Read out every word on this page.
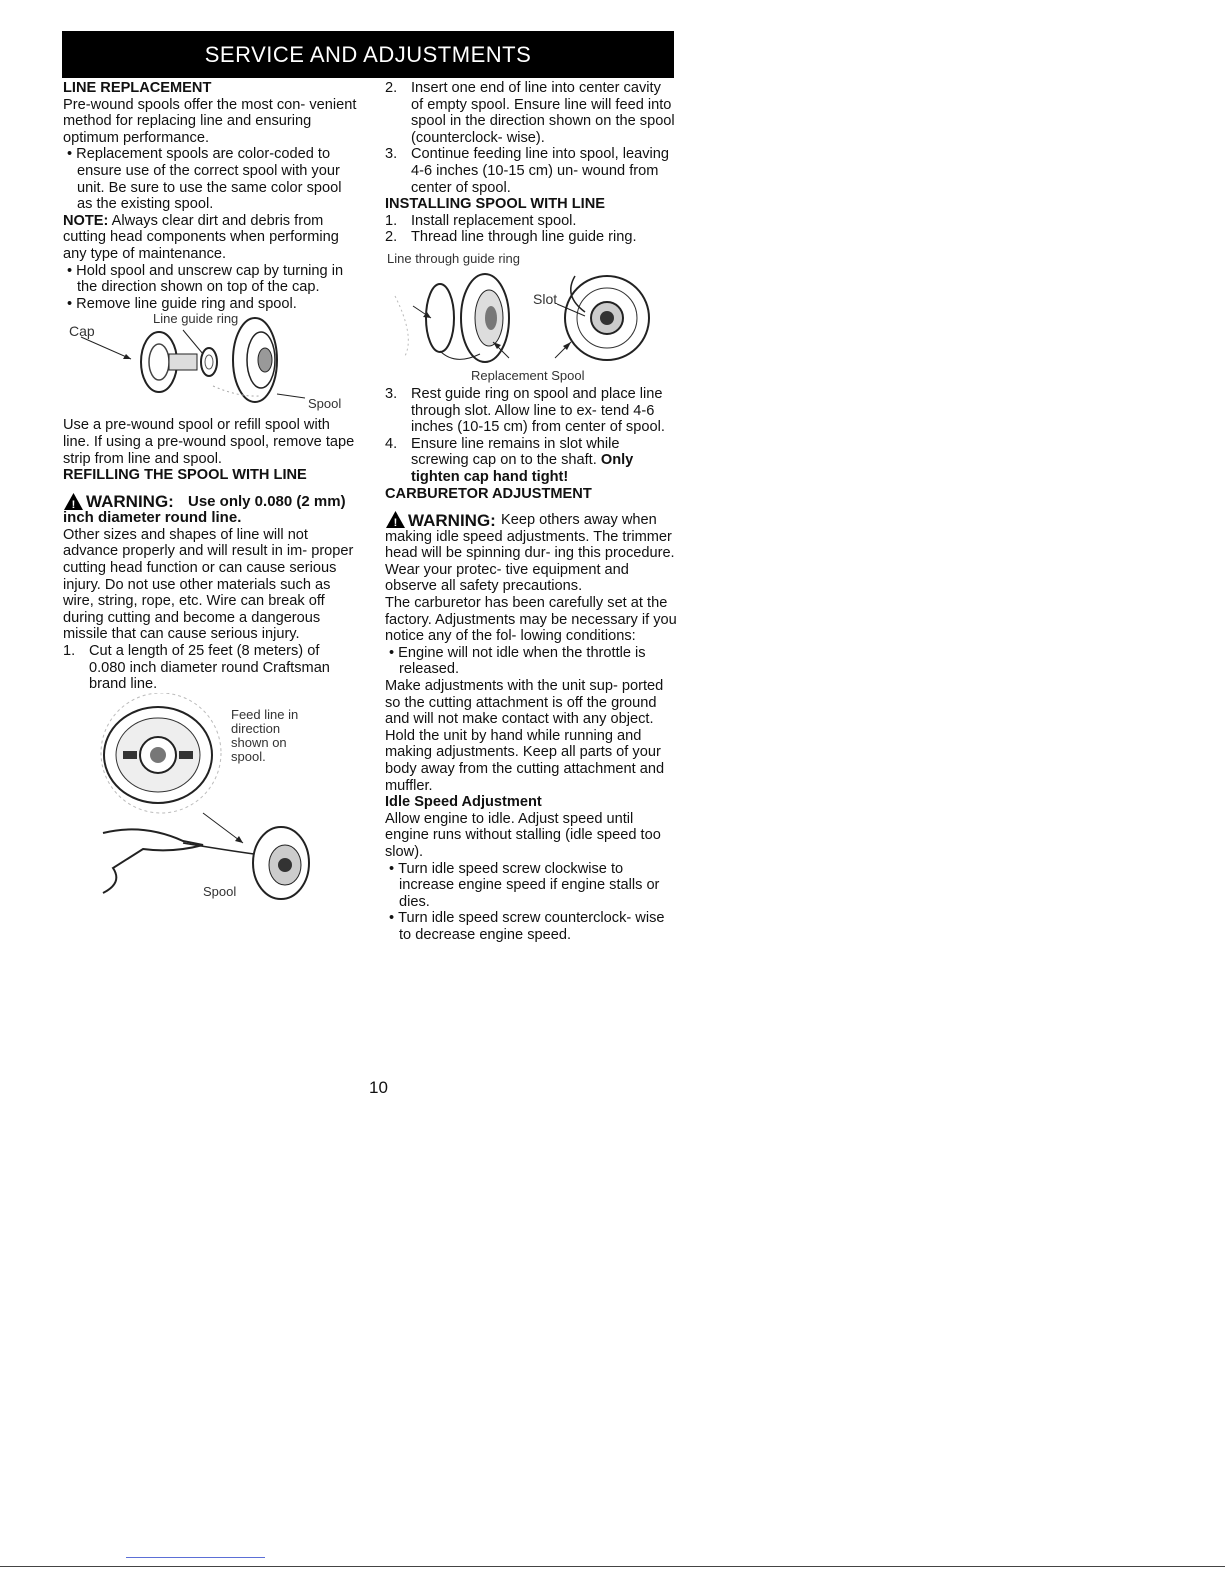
SERVICE AND ADJUSTMENTS

LINE REPLACEMENT

Pre-wound spools offer the most con- venient method for replacing line and ensuring optimum performance.

• Replacement spools are color-coded to ensure use of the correct spool with your unit. Be sure to use the same color spool as the existing spool.

NOTE: Always clear dirt and debris from cutting head components when performing any type of maintenance.

• Hold spool and unscrew cap by turning in the direction shown on top of the cap.

• Remove line guide ring and spool.

Line guide ring
Cap
Spool

Use a pre-wound spool or refill spool with line. If using a pre-wound spool, remove tape strip from line and spool.

REFILLING THE SPOOL WITH LINE

! WARNING: Use only 0.080 (2 mm) inch diameter round line.

Other sizes and shapes of line will not advance properly and will result in im- proper cutting head function or can cause serious injury. Do not use other materials such as wire, string, rope, etc. Wire can break off during cutting and become a dangerous missile that can cause serious injury.

1. Cut a length of 25 feet (8 meters) of 0.080 inch diameter round Craftsman brand line.

Feed line in direction shown on spool.
Spool

2. Insert one end of line into center cavity of empty spool. Ensure line will feed into spool in the direction shown on the spool (counterclock- wise).

3. Continue feeding line into spool, leaving 4-6 inches (10-15 cm) un- wound from center of spool.

INSTALLING SPOOL WITH LINE

1. Install replacement spool.

2. Thread line through line guide ring.

Line through guide ring
Slot
Replacement Spool

3. Rest guide ring on spool and place line through slot. Allow line to ex- tend 4-6 inches (10-15 cm) from center of spool.

4. Ensure line remains in slot while screwing cap on to the shaft. Only tighten cap hand tight!

CARBURETOR ADJUSTMENT

! WARNING: Keep others away when making idle speed adjustments. The trimmer head will be spinning dur- ing this procedure. Wear your protec- tive equipment and observe all safety precautions.

The carburetor has been carefully set at the factory. Adjustments may be necessary if you notice any of the fol- lowing conditions:

• Engine will not idle when the throttle is released.

Make adjustments with the unit sup- ported so the cutting attachment is off the ground and will not make contact with any object. Hold the unit by hand while running and making adjustments. Keep all parts of your body away from the cutting attachment and muffler.

Idle Speed Adjustment

Allow engine to idle. Adjust speed until engine runs without stalling (idle speed too slow).

• Turn idle speed screw clockwise to increase engine speed if engine stalls or dies.

• Turn idle speed screw counterclock- wise to decrease engine speed.

10
